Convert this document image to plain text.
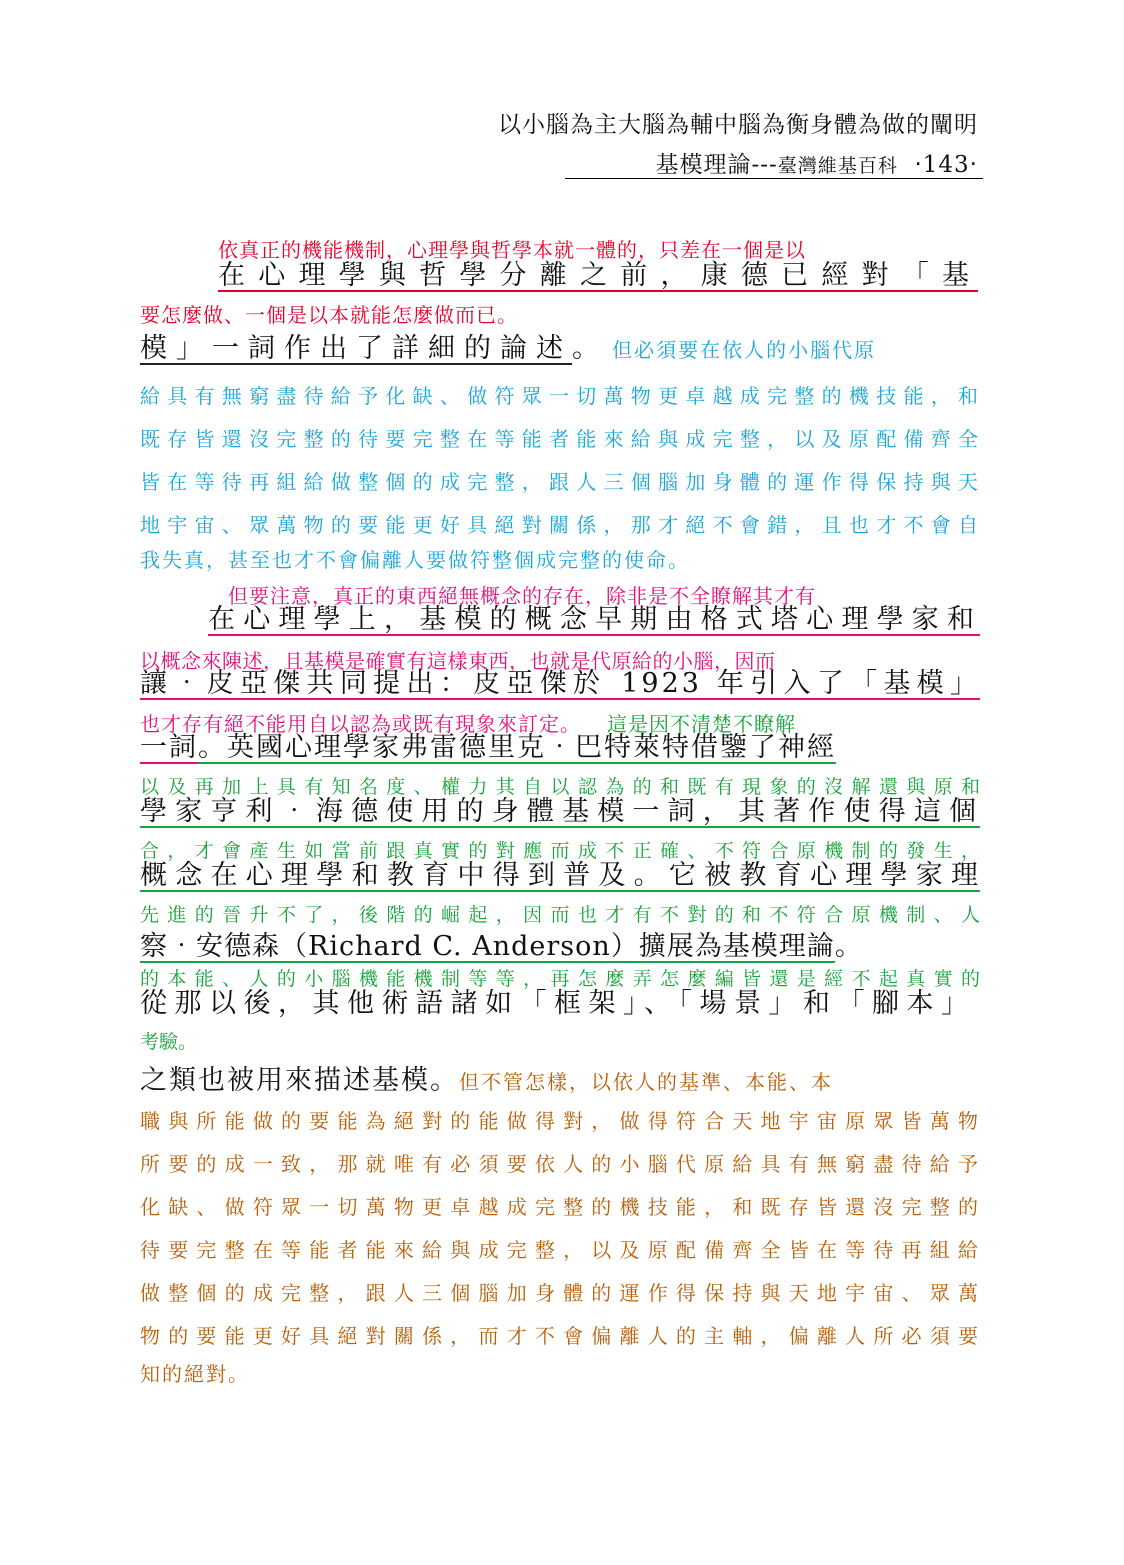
以小腦為主大腦為輔中腦為衡身體為做的闡明
基模理論---臺灣維基百科 ‧143‧
依真正的機能機制，心理學與哲學本就一體的，只差在一個是以
在心理學與哲學分離之前，康德已經對「基
要怎麼做、一個是以本就能怎麼做而已。
模」一詞作出了詳細的論述。 但必須要在依人的小腦代原
給具有無窮盡待給予化缺、做符眾一切萬物更卓越成完整的機技能，和
既存皆還沒完整的待要完整在等能者能來給與成完整，以及原配備齊全
皆在等待再組給做整個的成完整，跟人三個腦加身體的運作得保持與天
地宇宙、眾萬物的要能更好具絕對關係，那才絕不會錯，且也才不會自
我失真，甚至也才不會偏離人要做符整個成完整的使命。
但要注意，真正的東西絕無概念的存在，除非是不全瞭解其才有
在心理學上，基模的概念早期由格式塔心理學家和
以概念來陳述，且基模是確實有這樣東西，也就是代原給的小腦，因而
讓‧皮亞傑共同提出：皮亞傑於 1923 年引入了「基模」
也才存有絕不能用自以認為或既有現象來訂定。 這是因不清楚不瞭解
一詞。英國心理學家弗雷德里克‧巴特萊特借鑒了神經
以及再加上具有知名度、權力其自以認為的和既有現象的沒解還與原和
學家亨利‧海德使用的身體基模一詞，其著作使得這個
合，才會產生如當前跟真實的對應而成不正確、不符合原機制的發生，
概念在心理學和教育中得到普及。它被教育心理學家理
先進的晉升不了，後階的崛起，因而也才有不對的和不符合原機制、人
察‧安德森（Richard C. Anderson）擴展為基模理論。
的本能、人的小腦機能機制等等，再怎麼弄怎麼編皆還是經不起真實的
從那以後，其他術語諸如「框架」、「場景」和「腳本」
考驗。
之類也被用來描述基模。但不管怎樣，以依人的基準、本能、本
職與所能做的要能為絕對的能做得對，做得符合天地宇宙原眾皆萬物
所要的成一致，那就唯有必須要依人的小腦代原給具有無窮盡待給予
化缺、做符眾一切萬物更卓越成完整的機技能，和既存皆還沒完整的
待要完整在等能者能來給與成完整，以及原配備齊全皆在等待再組給
做整個的成完整，跟人三個腦加身體的運作得保持與天地宇宙、眾萬
物的要能更好具絕對關係，而才不會偏離人的主軸，偏離人所必須要
知的絕對。
